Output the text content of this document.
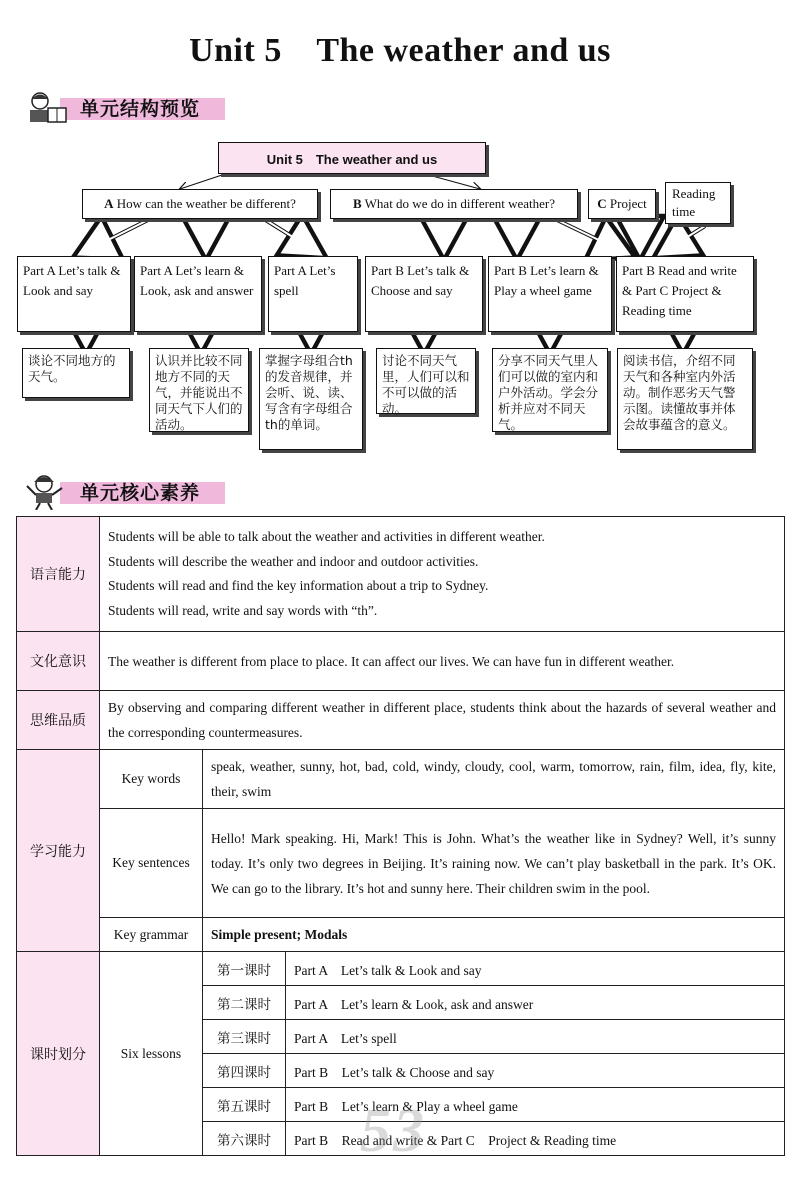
Unit 5　The weather and us
单元结构预览
Unit 5　The weather and us
A How can the weather be different?	B What do we do in different weather?	C Project
Reading time
Part A Let’s talk & Look and say
Part A Let’s learn & Look, ask and answer
Part A Let’s spell
Part B Let’s talk & Choose and say
Part B Let’s learn & Play a wheel game
Part B Read and write & Part C Project & Reading time
谈论不同地方的天气。
认识并比较不同地方不同的天气，并能说出不同天气下人们的活动。
掌握字母组合th的发音规律，并会听、说、读、写含有字母组合th的单词。
讨论不同天气里，人们可以和不可以做的活动。
分享不同天气里人们可以做的室内和户外活动。学会分析并应对不同天气。
阅读书信，介绍不同天气和各种室内外活动。制作恶劣天气警示图。读懂故事并体会故事蕴含的意义。
单元核心素养
语言能力	
Students will be able to talk about the weather and activities in different weather.
Students will describe the weather and indoor and outdoor activities.
Students will read and find the key information about a trip to Sydney.
Students will read, write and say words with “th”.

文化意识	The weather is different from place to place. It can affect our lives. We can have fun in different weather.
思维品质	By observing and comparing different weather in different place, students think about the hazards of several weather and the corresponding countermeasures.
学习能力	Key words	speak, weather, sunny, hot, bad, cold, windy, cloudy, cool, warm, tomorrow, rain, film, idea, fly, kite, their, swim
Key sentences	Hello! Mark speaking. Hi, Mark! This is John. What’s the weather like in Sydney? Well, it’s sunny today. It’s only two degrees in Beijing. It’s raining now. We can’t play basketball in the park. It’s OK. We can go to the library. It’s hot and sunny here. Their children swim in the pool.
Key grammar	Simple present; Modals
课时划分	Six lessons	
第一课时	Part A　Let’s talk & Look and say

第二课时	Part A　Let’s learn & Look, ask and answer

第三课时	Part A　Let’s spell

第四课时	Part B　Let’s talk & Choose and say

第五课时	Part B　Let’s learn & Play a wheel game

第六课时	Part B　Read and write & Part C　Project & Reading time
53
